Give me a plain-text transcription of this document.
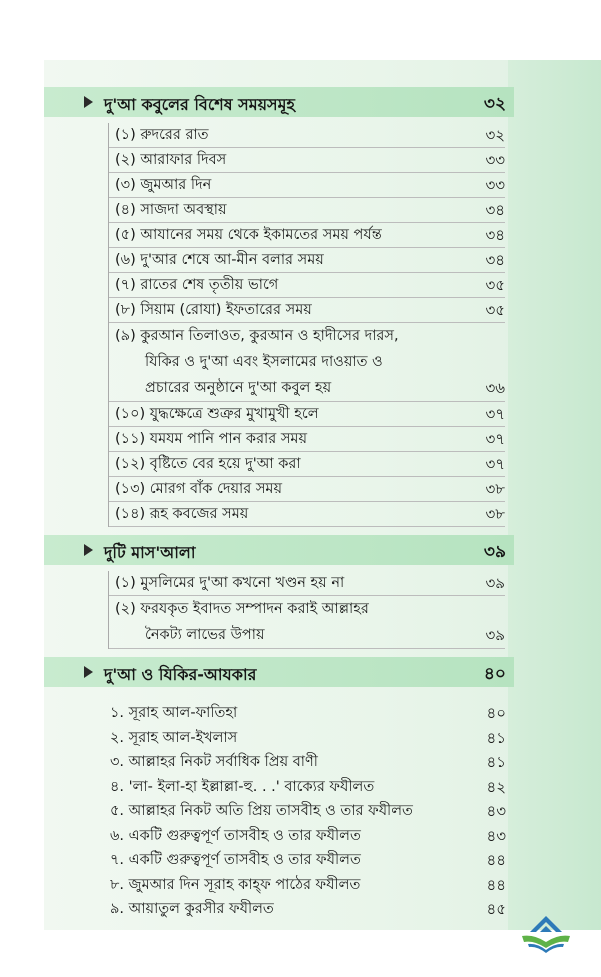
দু'আ কবুলের বিশেষ সময়সমূহ	৩২
(১) রুদরের রাত	৩২
(২) আরাফার দিবস	৩৩
(৩) জুমআর দিন	৩৩
(৪) সাজদা অবস্থায়	৩৪
(৫) আযানের সময় থেকে ইকামতের সময় পর্যন্ত	৩৪
(৬) দু'আর শেষে আ-মীন বলার সময়	৩৪
(৭) রাতের শেষ তৃতীয় ভাগে	৩৫
(৮) সিয়াম (রোযা) ইফতারের সময়	৩৫
(৯) কুরআন তিলাওত, কুরআন ও হাদীসের দারস,
যিকির ও দু'আ এবং ইসলামের দাওয়াত ও
প্রচারের অনুষ্ঠানে দু'আ কবুল হয়	৩৬
(১০) যুদ্ধক্ষেত্রে শুত্রুর মুখামুখী হলে	৩৭
(১১) যমযম পানি পান করার সময়	৩৭
(১২) বৃষ্টিতে বের হয়ে দু'আ করা	৩৭
(১৩) মোরগ বাঁক দেয়ার সময়	৩৮
(১৪) রূহ কবজের সময়	৩৮
দুটি মাস'আলা	৩৯
(১) মুসলিমের দু'আ কখনো খণ্ডন হয় না	৩৯
(২) ফরযকৃত ইবাদত সম্পাদন করাই আল্লাহর
নৈকট্য লাভের উপায়	৩৯
দু'আ ও যিকির-আযকার	৪০
১. সূরাহ আল-ফাতিহা	৪০
২. সূরাহ আল-ইখলাস	৪১
৩. আল্লাহর নিকট সর্বাধিক প্রিয় বাণী	৪১
৪. 'লা- ইলা-হা ইল্লাল্লা-হু. . .' বাক্যের ফযীলত	৪২
৫. আল্লাহর নিকট অতি প্রিয় তাসবীহ ও তার ফযীলত	৪৩
৬. একটি গুরুত্বপূর্ণ তাসবীহ ও তার ফযীলত	৪৩
৭. একটি গুরুত্বপূর্ণ তাসবীহ ও তার ফযীলত	৪৪
৮. জুমআর দিন সূরাহ কাহ্ফ পাঠের ফযীলত	৪৪
৯. আয়াতুল কুরসীর ফযীলত	৪৫
